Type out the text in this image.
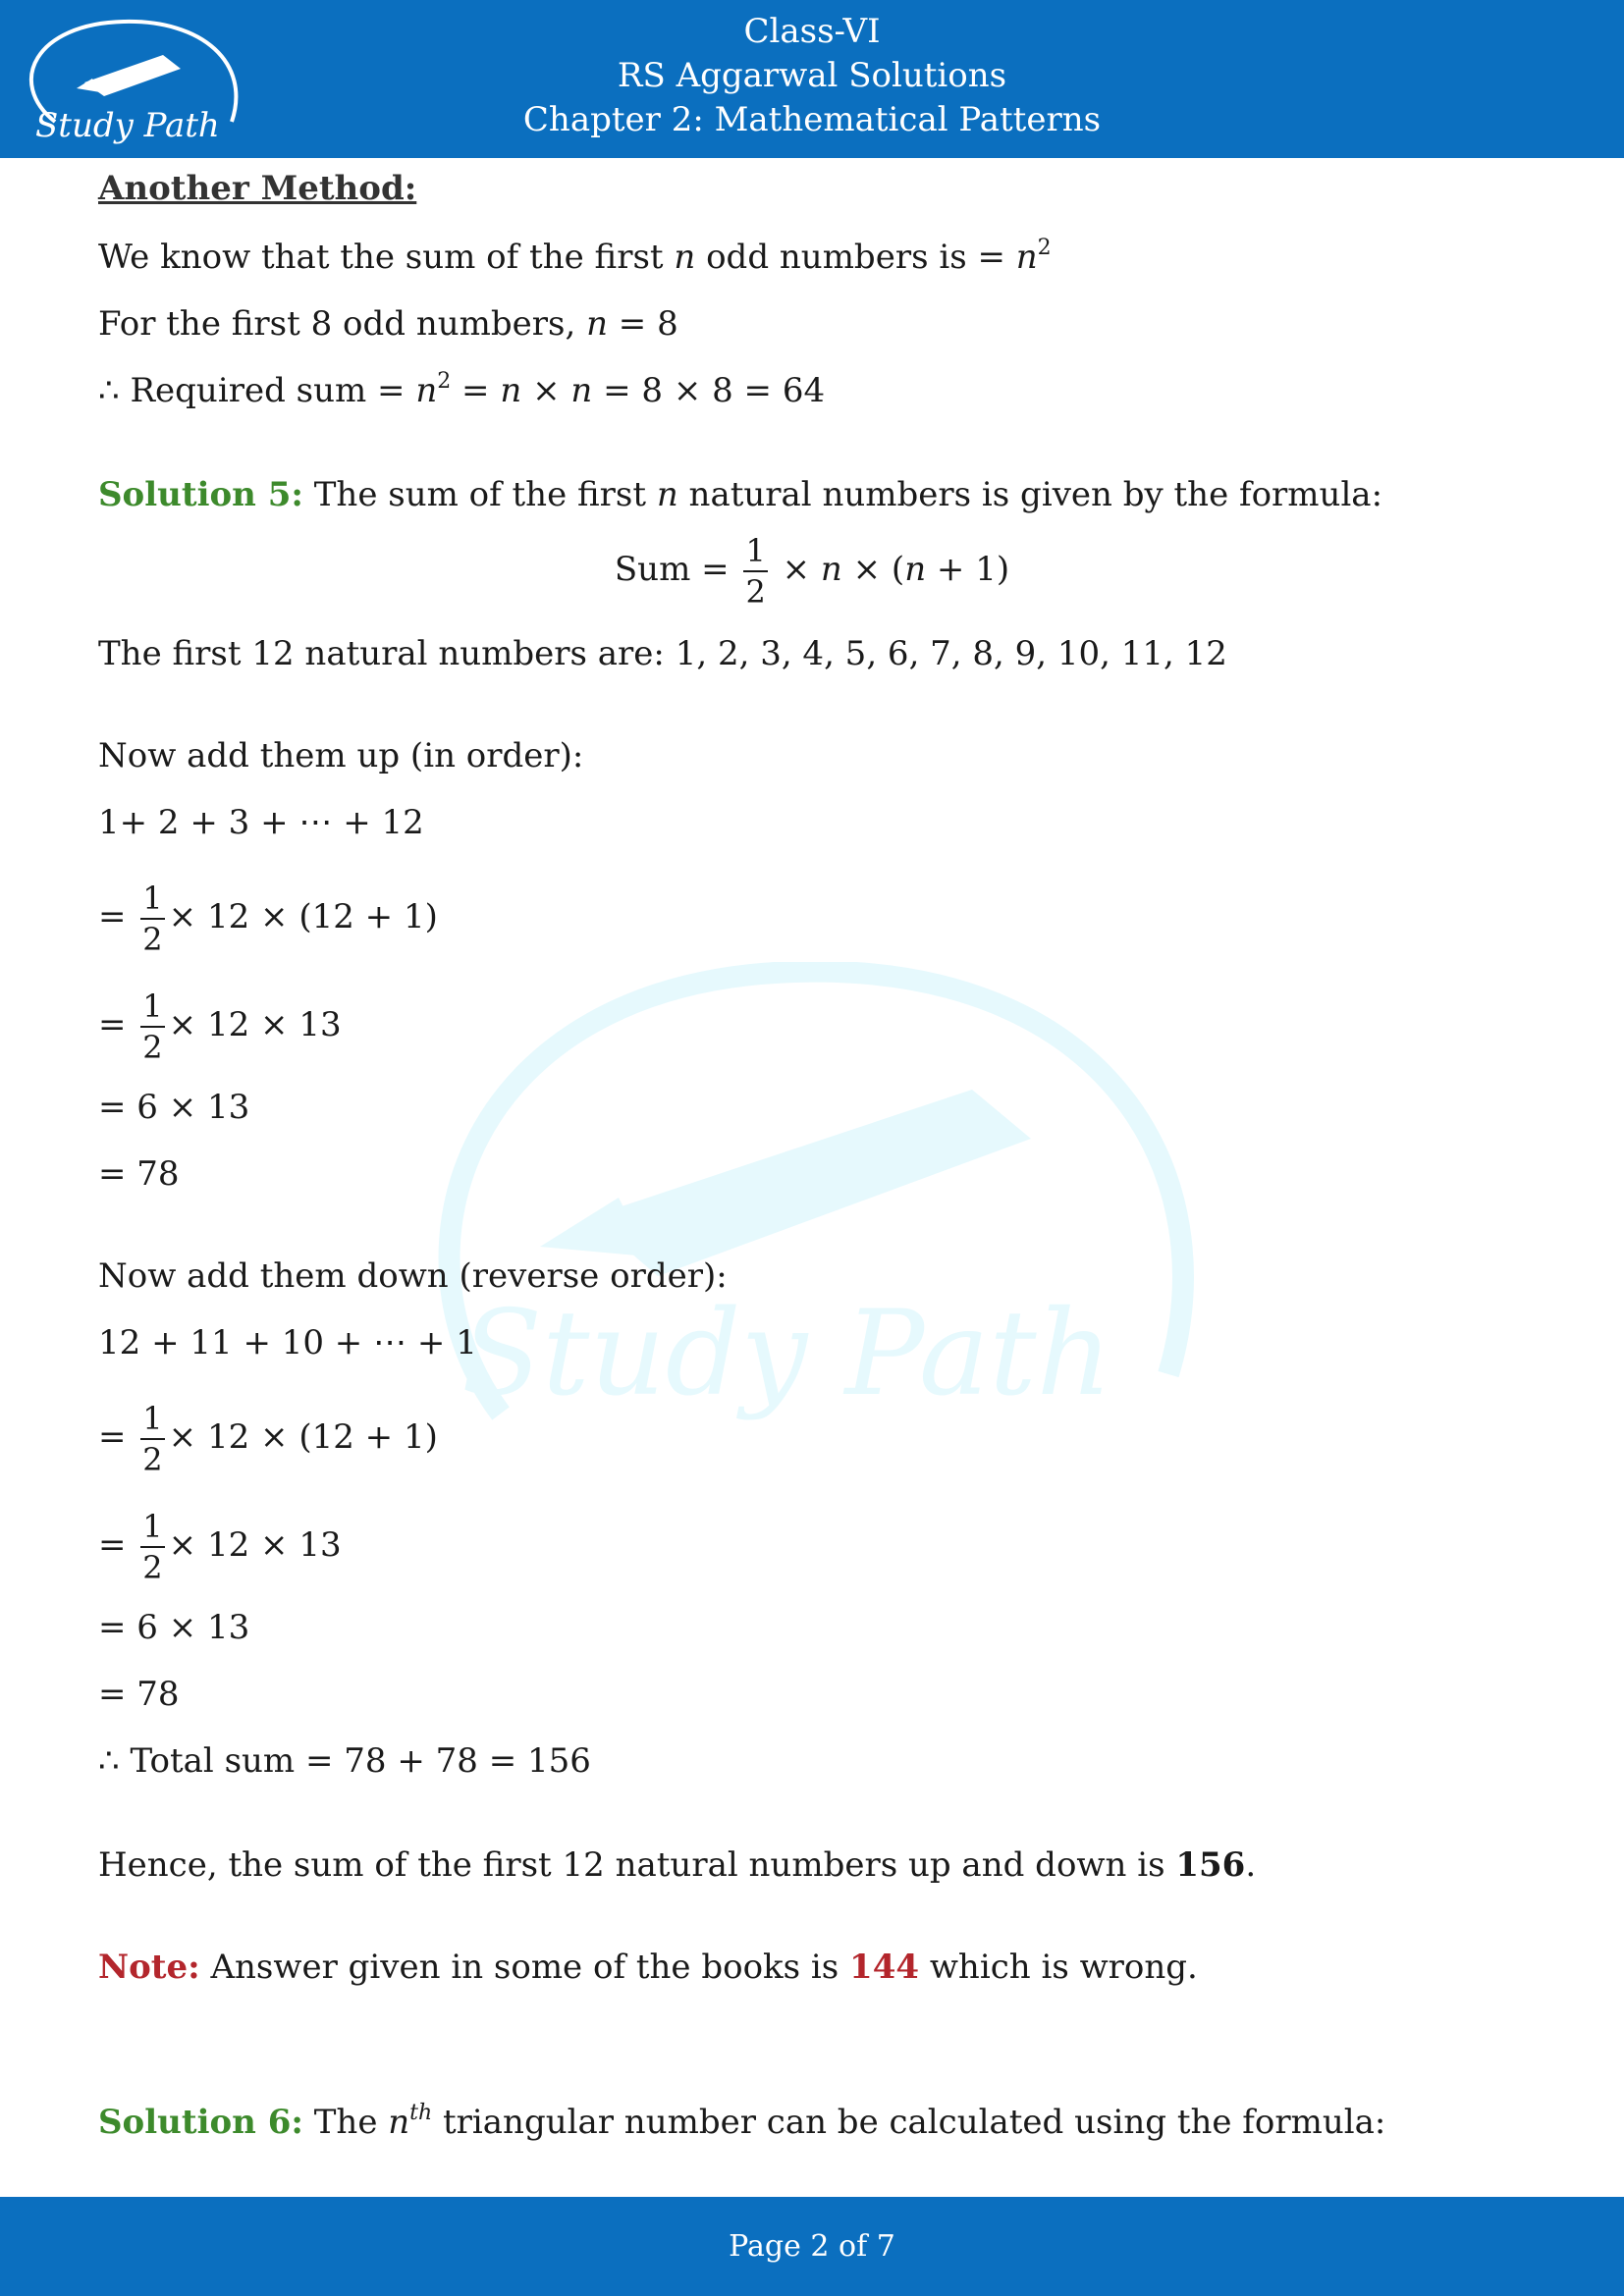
Study Path
Class-VI
RS Aggarwal Solutions
Chapter 2: Mathematical Patterns
Study Path
Another Method:
We know that the sum of the first n odd numbers is = $n^2$
For the first 8 odd numbers, n = 8
∴ Required sum = $n^2 = n \times n = 8 \times 8 = 64$
Solution 5: The sum of the first n natural numbers is given by the formula:
Sum = $\frac{1}{2} \times n \times (n + 1)$
The first 12 natural numbers are: 1, 2, 3, 4, 5, 6, 7, 8, 9, 10, 11, 12
Now add them up (in order):
1+ 2 + 3 + ⋯ + 12
= $\frac{1}{2} \times 12 \times (12 + 1)$
= $\frac{1}{2} \times 12 \times 13$
= 6 × 13
= 78
Now add them down (reverse order):
12 + 11 + 10 + ⋯ + 1
= $\frac{1}{2} \times 12 \times (12 + 1)$
= $\frac{1}{2} \times 12 \times 13$
= 6 × 13
= 78
∴ Total sum = 78 + 78 = 156
Hence, the sum of the first 12 natural numbers up and down is 156.
Note: Answer given in some of the books is 144 which is wrong.
Solution 6: The $n^{th}$ triangular number can be calculated using the formula:
Page 2 of 7
